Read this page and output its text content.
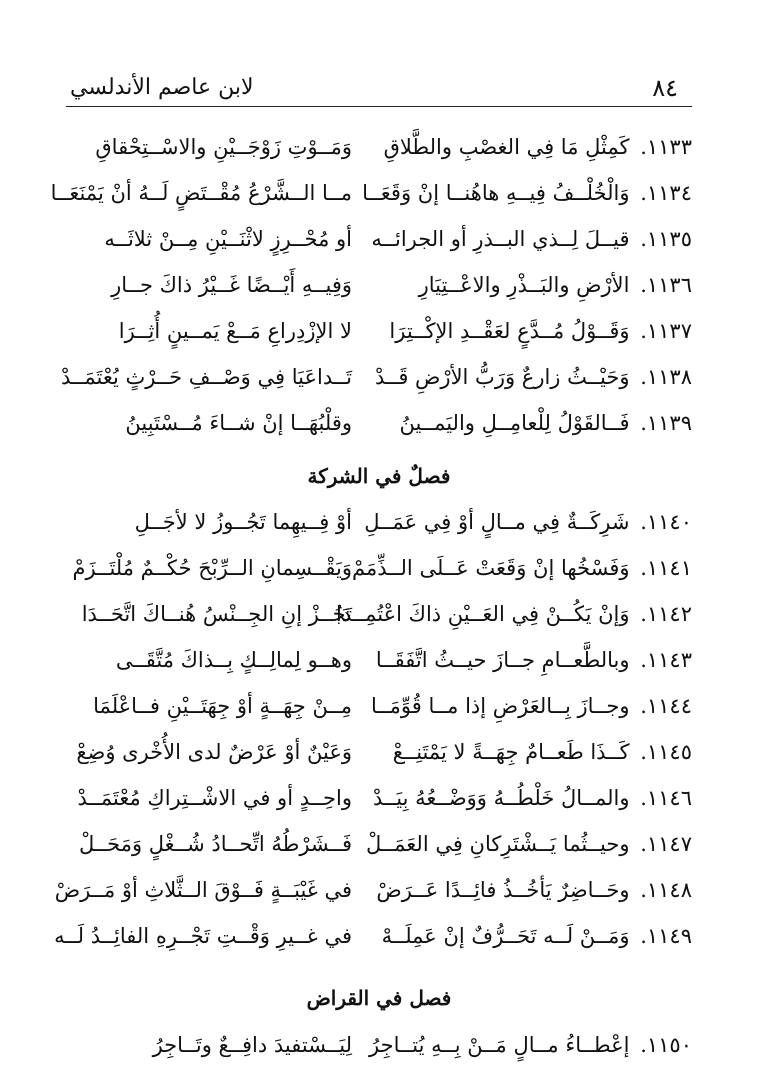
٨٤
لابن عاصم الأندلسي
١١٣٣. كَمِثْلِ مَا فِي الغصْبِ والطَّلاقِ
وَمَــوْتِ زَوْجَــيْنِ والاسْــتِحْقاقِ
١١٣٤. وَالْخُلْــفُ فِيــهِ هاهُنــا إنْ وَقَعَــا
مــا الــشَّرْعُ مُقْــتَضٍ لَــهُ أنْ يَمْنَعَــا
١١٣٥. قيــلَ لِــذي البــذرِ أو الجرائــه
أو مُحْــرِزٍ لاثْنَــيْنِ مِــنْ ثلاثَــه
١١٣٦. الأرْضِ والبَــذْرِ والاعْــتِيَارِ
وَفِيــهِ أَيْــضًا غَــيْرُ ذاكَ جــارِ
١١٣٧. وَقَــوْلُ مُــدَّعٍ لعَقْــدِ الإكْــتِرَا
لا الإزْدِراعِ مَــعْ يَمــينٍ أُثِــرَا
١١٣٨. وَحَيْــثُ زارعٌ وَرَبُّ الأرْضِ قَــدْ
تَــداعَيَا فِي وَصْــفِ حَــرْثٍ يُعْتَمَــدْ
١١٣٩. فَــالقَوْلُ لِلْعامِــلِ واليَمــينُ
وقلْبُهَــا إنْ شــاءَ مُــسْتَبِينُ
فصلٌ في الشركة
١١٤٠. شَرِكَــةٌ فِي مــالٍ أوْ فِي عَمَــلِ
أوْ فِــيهِما تَجُــوزُ لا لأجَــلِ
١١٤١. وَفَسْخُها إنْ وَقَعَتْ عَــلَى الــذِّمَمْ
وَيَقْــسِمانِ الــرِّبْحَ حُكْــمٌ مُلْتَــزَمْ
١١٤٢. وَإنْ يَكُــنْ فِي العَــيْنِ ذاكَ اعْتُمِــدَا
تَجُــزْ إنِ الجِــنْسُ هُنــاكَ اتَّحَــدَا
١١٤٣. وبالطَّعــامِ جــازَ حيــثُ اتَّفَقَــا
وهــو لِمالِــكٍ بِــذاكَ مُتَّقَــى
١١٤٤. وجــازَ بِــالعَرْضِ إذا مــا قُوِّمَــا
مِــنْ جِهَــةٍ أوْ جِهَتَــيْنِ فــاعْلَمَا
١١٤٥. كَــذَا طَعــامٌ جِهَــةً لا يَمْتَنِــعْ
وَعَيْنٌ أوْ عَرْضٌ لدى الأُخْرى وُضِعْ
١١٤٦. والمــالُ خَلْطُــهُ وَوَضْــعُهُ بِيَــدْ
واحِــدٍ أو في الاشْــتِراكِ مُعْتَمَــدْ
١١٤٧. وحيــثُما يَــشْتَرِكانِ فِي العَمَــلْ
فَــشَرْطُهُ اتِّحــادُ شُــغْلٍ وَمَحَــلْ
١١٤٨. وحَــاضِرٌ يَأخُــذُ فائِــدًا عَــرَضْ
في غَيْبَــةٍ فَــوْقَ الــثَّلاثِ أوْ مَــرَضْ
١١٤٩. وَمَــنْ لَــه تَحَــرُّفٌ إنْ عَمِلَــهْ
في غــيرِ وَقْــتِ تَجْــرِهِ الفائِــدُ لَــه
فصل في القراض
١١٥٠. إعْطــاءُ مــالٍ مَــنْ بِــهِ يُتــاجِرُ
لِيَــسْتفيدَ دافِــعٌ وتَــاجِرُ
